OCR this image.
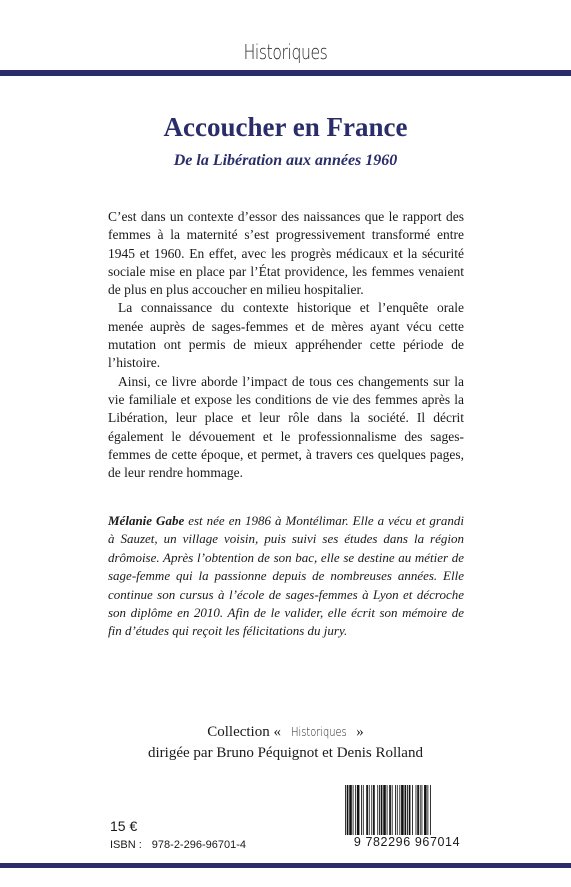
Historiques
Accoucher en France
De la Libération aux années 1960

C’est dans un contexte d’essor des naissances que le rapport des femmes à la maternité s’est progressivement transformé entre 1945 et 1960. En effet, avec les progrès médicaux et la sécurité sociale mise en place par l’État providence, les femmes venaient de plus en plus accoucher en milieu hospitalier.

La connaissance du contexte historique et l’enquête orale menée auprès de sages-femmes et de mères ayant vécu cette mutation ont permis de mieux appréhender cette période de l’histoire.

Ainsi, ce livre aborde l’impact de tous ces changements sur la vie familiale et expose les conditions de vie des femmes après la Libération, leur place et leur rôle dans la société. Il décrit également le dévouement et le professionnalisme des sages-femmes de cette époque, et permet, à travers ces quelques pages, de leur rendre hommage.

Mélanie Gabe est née en 1986 à Montélimar. Elle a vécu et grandi à Sauzet, un village voisin, puis suivi ses études dans la région drômoise. Après l’obtention de son bac, elle se destine au métier de sage-femme qui la passionne depuis de nombreuses années. Elle continue son cursus à l’école de sages-femmes à Lyon et décroche son diplôme en 2010. Afin de le valider, elle écrit son mémoire de fin d’études qui reçoit les félicitations du jury.
Collection « Historiques »
dirigée par Bruno Péquignot et Denis Rolland
15 €
ISBN : 978-2-296-96701-4	9 782296 967014
